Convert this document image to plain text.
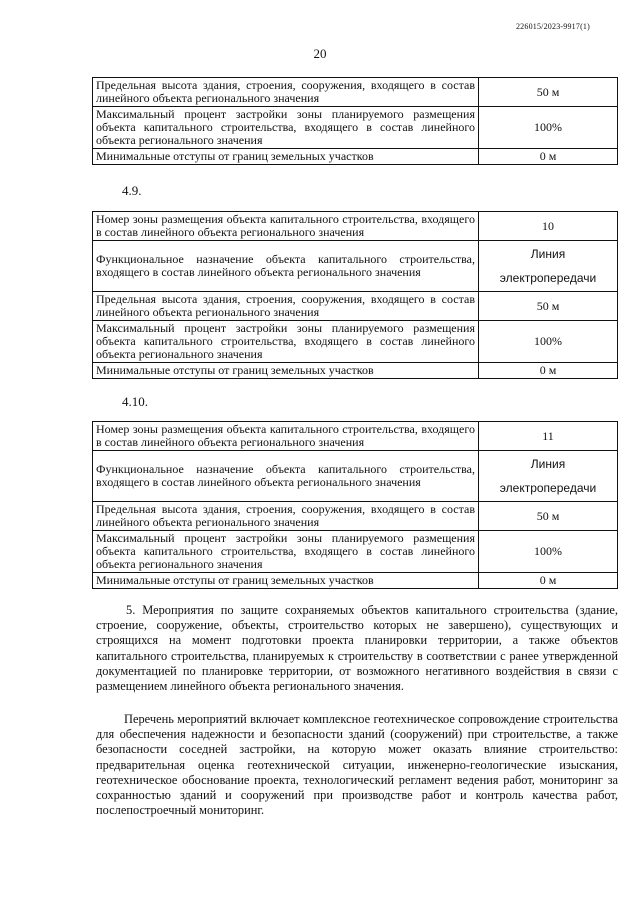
226015/2023-9917(1)
20
Предельная высота здания, строения, сооружения, входящего в состав линейного объекта регионального значения	50 м
Максимальный процент застройки зоны планируемого размещения объекта капитального строительства, входящего в состав линейного объекта регионального значения	100%
Минимальные отступы от границ земельных участков	0 м
4.9.
Номер зоны размещения объекта капитального строительства, входящего в состав линейного объекта регионального значения	10
Функциональное назначение объекта капитального строительства, входящего в состав линейного объекта регионального значения	Линия
электропередачи

Предельная высота здания, строения, сооружения, входящего в состав линейного объекта регионального значения	50 м
Максимальный процент застройки зоны планируемого размещения объекта капитального строительства, входящего в состав линейного объекта регионального значения	100%
Минимальные отступы от границ земельных участков	0 м
4.10.
Номер зоны размещения объекта капитального строительства, входящего в состав линейного объекта регионального значения	11
Функциональное назначение объекта капитального строительства, входящего в состав линейного объекта регионального значения	Линия
электропередачи

Предельная высота здания, строения, сооружения, входящего в состав линейного объекта регионального значения	50 м
Максимальный процент застройки зоны планируемого размещения объекта капитального строительства, входящего в состав линейного объекта регионального значения	100%
Минимальные отступы от границ земельных участков	0 м

5. Мероприятия по защите сохраняемых объектов капитального строительства (здание, строение, сооружение, объекты, строительство которых не завершено), существующих и строящихся на момент подготовки проекта планировки территории, а также объектов капитального строительства, планируемых к строительству в соответствии с ранее утвержденной документацией по планировке территории, от возможного негативного воздействия в связи с размещением линейного объекта регионального значения.

Перечень мероприятий включает комплексное геотехническое сопровождение строительства для обеспечения надежности и безопасности зданий (сооружений) при строительстве, а также безопасности соседней застройки, на которую может оказать влияние строительство: предварительная оценка геотехнической ситуации, инженерно-геологические изыскания, геотехническое обоснование проекта, технологический регламент ведения работ, мониторинг за сохранностью зданий и сооружений при производстве работ и контроль качества работ, послепостроечный мониторинг.
